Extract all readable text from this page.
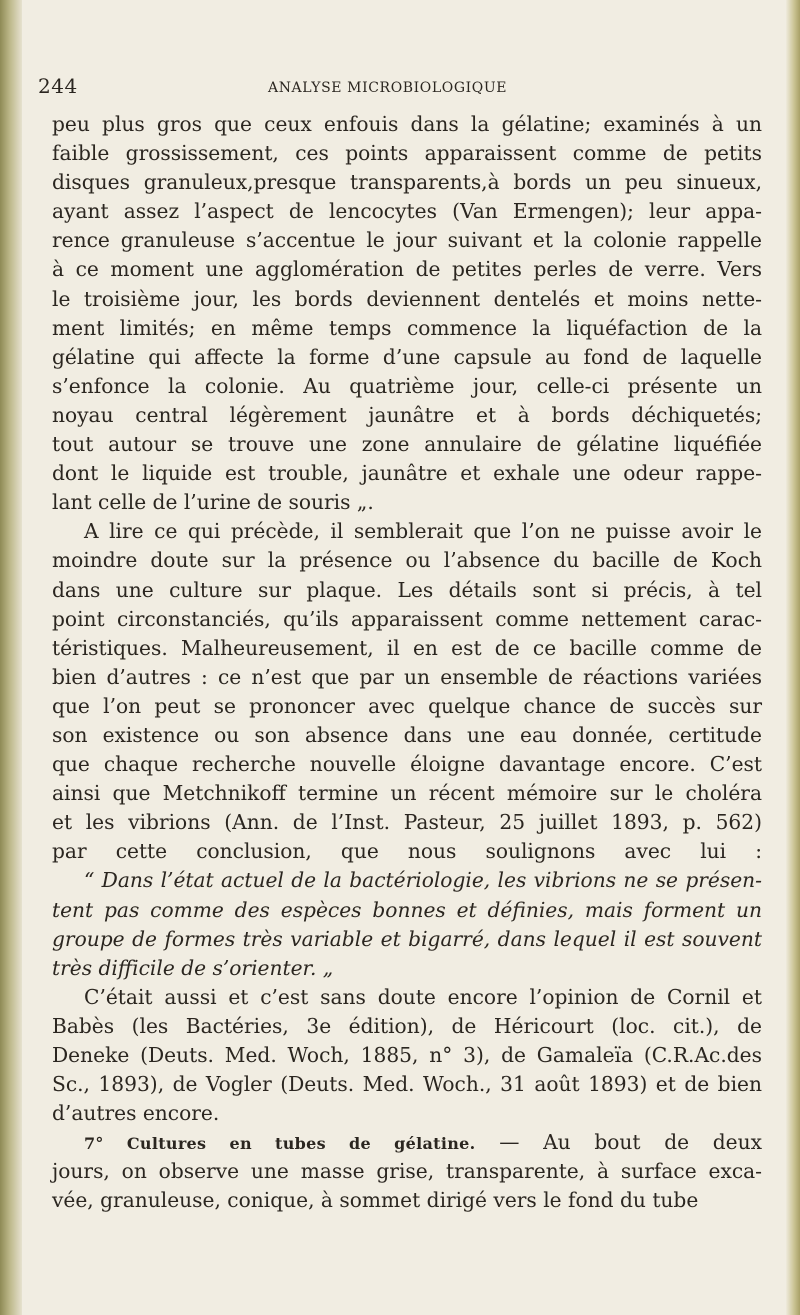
244	ANALYSE MICROBIOLOGIQUE
peu plus gros que ceux enfouis dans la gélatine; examinés à un
faible grossissement, ces points apparaissent comme de petits
disques granuleux,presque transparents,à bords un peu sinueux,
ayant assez l’aspect de lencocytes (Van Ermengen); leur appa-
rence granuleuse s’accentue le jour suivant et la colonie rappelle
à ce moment une agglomération de petites perles de verre. Vers
le troisième jour, les bords deviennent dentelés et moins nette-
ment limités; en même temps commence la liquéfaction de la
gélatine qui affecte la forme d’une capsule au fond de laquelle
s’enfonce la colonie. Au quatrième jour, celle-ci présente un
noyau central légèrement jaunâtre et à bords déchiquetés;
tout autour se trouve une zone annulaire de gélatine liquéfiée
dont le liquide est trouble, jaunâtre et exhale une odeur rappe-
lant celle de l’urine de souris „.
A lire ce qui précède, il semblerait que l’on ne puisse avoir le
moindre doute sur la présence ou l’absence du bacille de Koch
dans une culture sur plaque. Les détails sont si précis, à tel
point circonstanciés, qu’ils apparaissent comme nettement carac-
téristiques. Malheureusement, il en est de ce bacille comme de
bien d’autres : ce n’est que par un ensemble de réactions variées
que l’on peut se prononcer avec quelque chance de succès sur
son existence ou son absence dans une eau donnée, certitude
que chaque recherche nouvelle éloigne davantage encore. C’est
ainsi que Metchnikoff termine un récent mémoire sur le choléra
et les vibrions (Ann. de l’Inst. Pasteur, 25 juillet 1893, p. 562)
par cette conclusion, que nous soulignons avec lui :
“ Dans l’état actuel de la bactériologie, les vibrions ne se présen-
tent pas comme des espèces bonnes et définies, mais forment un
groupe de formes très variable et bigarré, dans lequel il est souvent
très difficile de s’orienter. „
C’était aussi et c’est sans doute encore l’opinion de Cornil et
Babès (les Bactéries, 3e édition), de Héricourt (loc. cit.), de
Deneke (Deuts. Med. Woch, 1885, n° 3), de Gamaleïa (C.R.Ac.des
Sc., 1893), de Vogler (Deuts. Med. Woch., 31 août 1893) et de bien
d’autres encore.
7° Cultures en tubes de gélatine. — Au bout de deux
jours, on observe une masse grise, transparente, à surface exca-
vée, granuleuse, conique, à sommet dirigé vers le fond du tube
